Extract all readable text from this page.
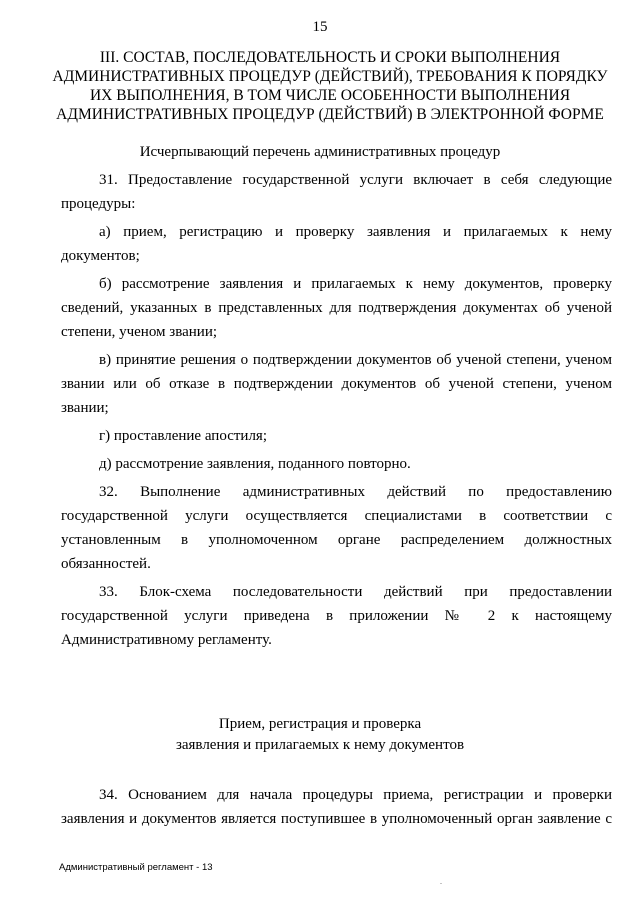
15
III. СОСТАВ, ПОСЛЕДОВАТЕЛЬНОСТЬ И СРОКИ ВЫПОЛНЕНИЯ
АДМИНИСТРАТИВНЫХ ПРОЦЕДУР (ДЕЙСТВИЙ), ТРЕБОВАНИЯ К ПОРЯДКУ
ИХ ВЫПОЛНЕНИЯ, В ТОМ ЧИСЛЕ ОСОБЕННОСТИ ВЫПОЛНЕНИЯ
АДМИНИСТРАТИВНЫХ ПРОЦЕДУР (ДЕЙСТВИЙ) В ЭЛЕКТРОННОЙ ФОРМЕ
Исчерпывающий перечень административных процедур

31. Предоставление государственной услуги включает в себя следующие процедуры:

а) прием, регистрацию и проверку заявления и прилагаемых к нему документов;

б) рассмотрение заявления и прилагаемых к нему документов, проверку сведений, указанных в представленных для подтверждения документах об ученой степени, ученом звании;

в) принятие решения о подтверждении документов об ученой степени, ученом звании или об отказе в подтверждении документов об ученой степени, ученом звании;

г) проставление апостиля;

д) рассмотрение заявления, поданного повторно.

32. Выполнение административных действий по предоставлению государственной услуги осуществляется специалистами в соответствии с установленным в уполномоченном органе распределением должностных обязанностей.

33. Блок-схема последовательности действий при предоставлении государственной услуги приведена в приложении № 2 к настоящему Административному регламенту.

Прием, регистрация и проверка
заявления и прилагаемых к нему документов

34. Основанием для начала процедуры приема, регистрации и проверки заявления и документов является поступившее в уполномоченный орган заявление с

Административный регламент - 13
.
